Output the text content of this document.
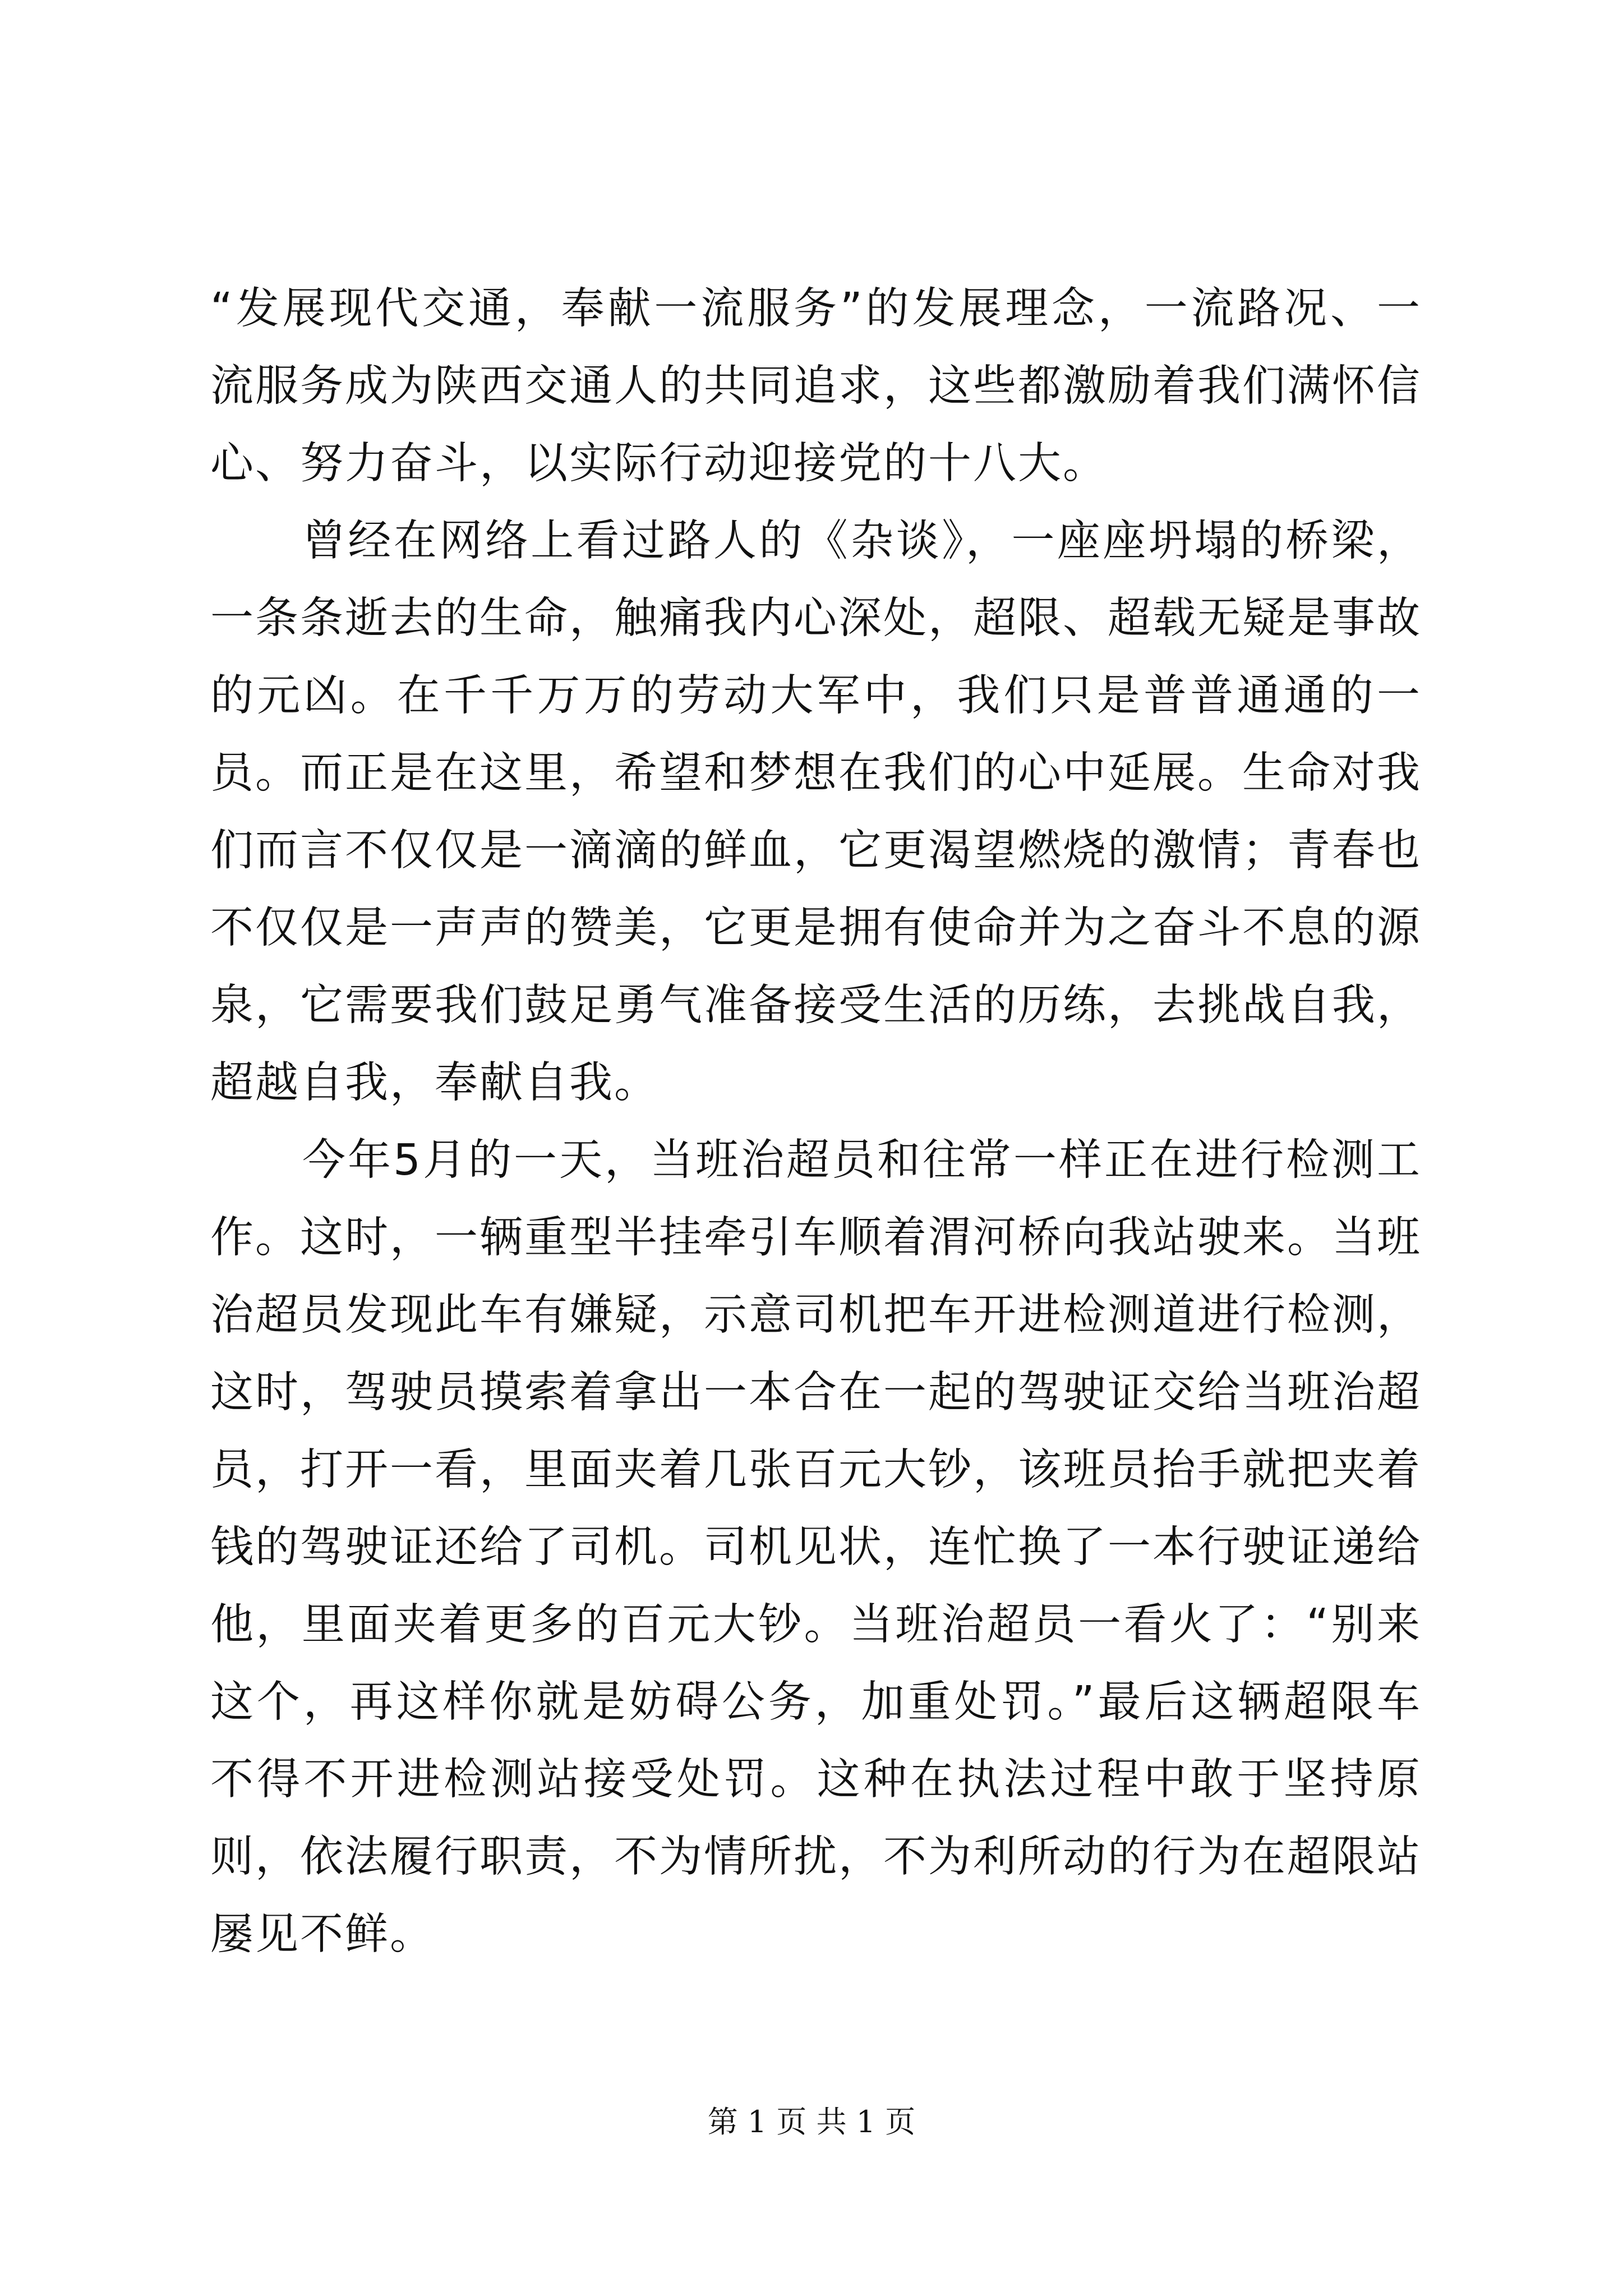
“发展现代交通，奉献一流服务”的发展理念，一流路况、一流服务成为陕西交通人的共同追求，这些都激励着我们满怀信心、努力奋斗，以实际行动迎接党的十八大。

曾经在网络上看过路人的《杂谈》，一座座坍塌的桥梁，一条条逝去的生命，触痛我内心深处，超限、超载无疑是事故的元凶。在千千万万的劳动大军中，我们只是普普通通的一员。而正是在这里，希望和梦想在我们的心中延展。生命对我们而言不仅仅是一滴滴的鲜血，它更渴望燃烧的激情；青春也不仅仅是一声声的赞美，它更是拥有使命并为之奋斗不息的源泉，它需要我们鼓足勇气准备接受生活的历练，去挑战自我，超越自我，奉献自我。

今年5月的一天，当班治超员和往常一样正在进行检测工作。这时，一辆重型半挂牵引车顺着渭河桥向我站驶来。当班治超员发现此车有嫌疑，示意司机把车开进检测道进行检测，这时，驾驶员摸索着拿出一本合在一起的驾驶证交给当班治超员，打开一看，里面夹着几张百元大钞，该班员抬手就把夹着钱的驾驶证还给了司机。司机见状，连忙换了一本行驶证递给他，里面夹着更多的百元大钞。当班治超员一看火了：“别来这个，再这样你就是妨碍公务，加重处罚。”最后这辆超限车不得不开进检测站接受处罚。这种在执法过程中敢于坚持原则，依法履行职责，不为情所扰，不为利所动的行为在超限站屡见不鲜。

第 1 页 共 1 页
